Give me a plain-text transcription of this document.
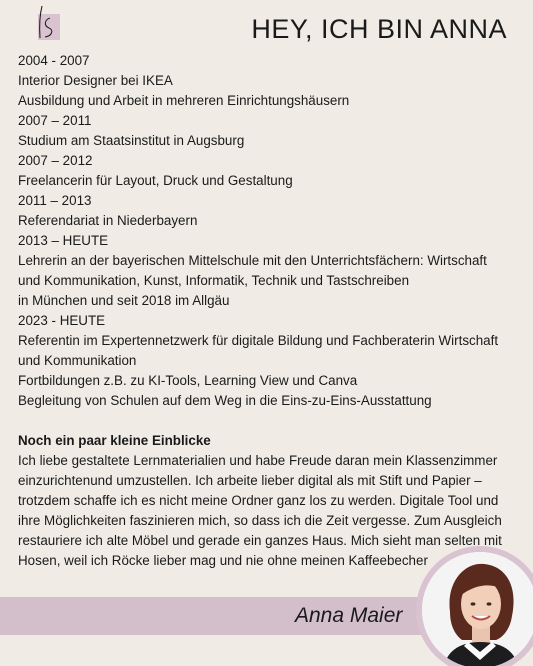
HEY, ICH BIN ANNA
2004 - 2007
Interior Designer bei IKEA
Ausbildung und Arbeit in mehreren Einrichtungshäusern
2007 – 2011
Studium am Staatsinstitut in Augsburg
2007 – 2012
Freelancerin für Layout, Druck und Gestaltung
2011 – 2013
Referendariat in Niederbayern
2013 – HEUTE
Lehrerin an der bayerischen Mittelschule mit den Unterrichtsfächern: Wirtschaft
und Kommunikation, Kunst, Informatik, Technik und Tastschreiben
in München und seit 2018 im Allgäu
2023 - HEUTE
Referentin im Expertennetzwerk für digitale Bildung und Fachberaterin Wirtschaft
und Kommunikation
Fortbildungen z.B. zu KI-Tools, Learning View und Canva
Begleitung von Schulen auf dem Weg in die Eins-zu-Eins-Ausstattung
Noch ein paar kleine Einblicke
Ich liebe gestaltete Lernmaterialien und habe Freude daran mein Klassenzimmer
einzurichtenund umzustellen. Ich arbeite lieber digital als mit Stift und Papier –
trotzdem schaffe ich es nicht meine Ordner ganz los zu werden. Digitale Tool und
ihre Möglichkeiten faszinieren mich, so dass ich die Zeit vergesse. Zum Ausgleich
restauriere ich alte Möbel und gerade ein ganzes Haus. Mich sieht man selten mit
Hosen, weil ich Röcke lieber mag und nie ohne meinen Kaffeebecher
Anna Maier
